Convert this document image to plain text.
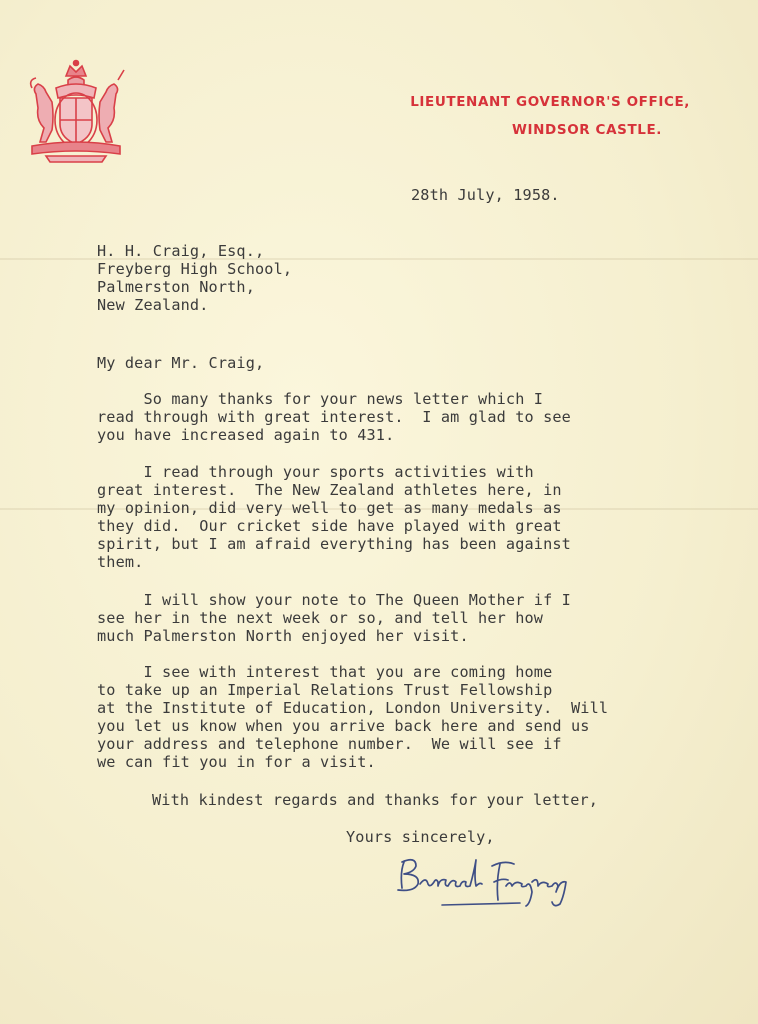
LIEUTENANT GOVERNOR'S OFFICE,
WINDSOR CASTLE.
28th July, 1958.
H. H. Craig, Esq.,
Freyberg High School,
Palmerston North,
New Zealand.
My dear Mr. Craig,
So many thanks for your news letter which I
read through with great interest.  I am glad to see
you have increased again to 431.
I read through your sports activities with
great interest.  The New Zealand athletes here, in
my opinion, did very well to get as many medals as
they did.  Our cricket side have played with great
spirit, but I am afraid everything has been against
them.
I will show your note to The Queen Mother if I
see her in the next week or so, and tell her how
much Palmerston North enjoyed her visit.
I see with interest that you are coming home
to take up an Imperial Relations Trust Fellowship
at the Institute of Education, London University.  Will
you let us know when you arrive back here and send us
your address and telephone number.  We will see if
we can fit you in for a visit.
With kindest regards and thanks for your letter,
Yours sincerely,
